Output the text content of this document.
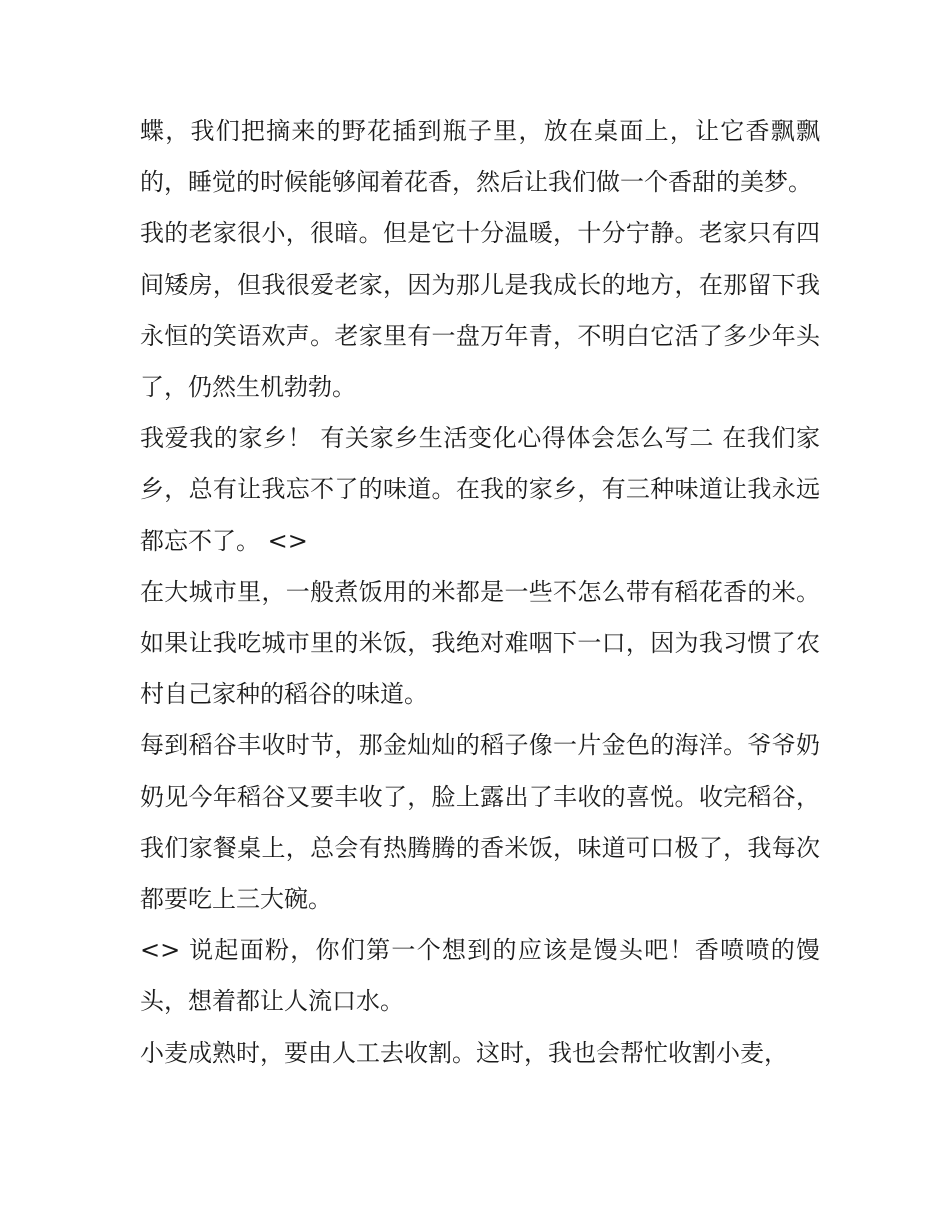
蝶，我们把摘来的野花插到瓶子里，放在桌面上，让它香飘飘的，睡觉的时候能够闻着花香，然后让我们做一个香甜的美梦。

我的老家很小，很暗。但是它十分温暖，十分宁静。老家只有四间矮房，但我很爱老家，因为那儿是我成长的地方，在那留下我永恒的笑语欢声。老家里有一盘万年青，不明白它活了多少年头了，仍然生机勃勃。

我爱我的家乡！ 有关家乡生活变化心得体会怎么写二 在我们家乡，总有让我忘不了的味道。在我的家乡，有三种味道让我永远都忘不了。 <>

在大城市里，一般煮饭用的米都是一些不怎么带有稻花香的米。如果让我吃城市里的米饭，我绝对难咽下一口，因为我习惯了农村自己家种的稻谷的味道。

每到稻谷丰收时节，那金灿灿的稻子像一片金色的海洋。爷爷奶奶见今年稻谷又要丰收了，脸上露出了丰收的喜悦。收完稻谷，我们家餐桌上，总会有热腾腾的香米饭，味道可口极了，我每次都要吃上三大碗。

<> 说起面粉，你们第一个想到的应该是馒头吧！香喷喷的馒头，想着都让人流口水。

小麦成熟时，要由人工去收割。这时，我也会帮忙收割小麦，
